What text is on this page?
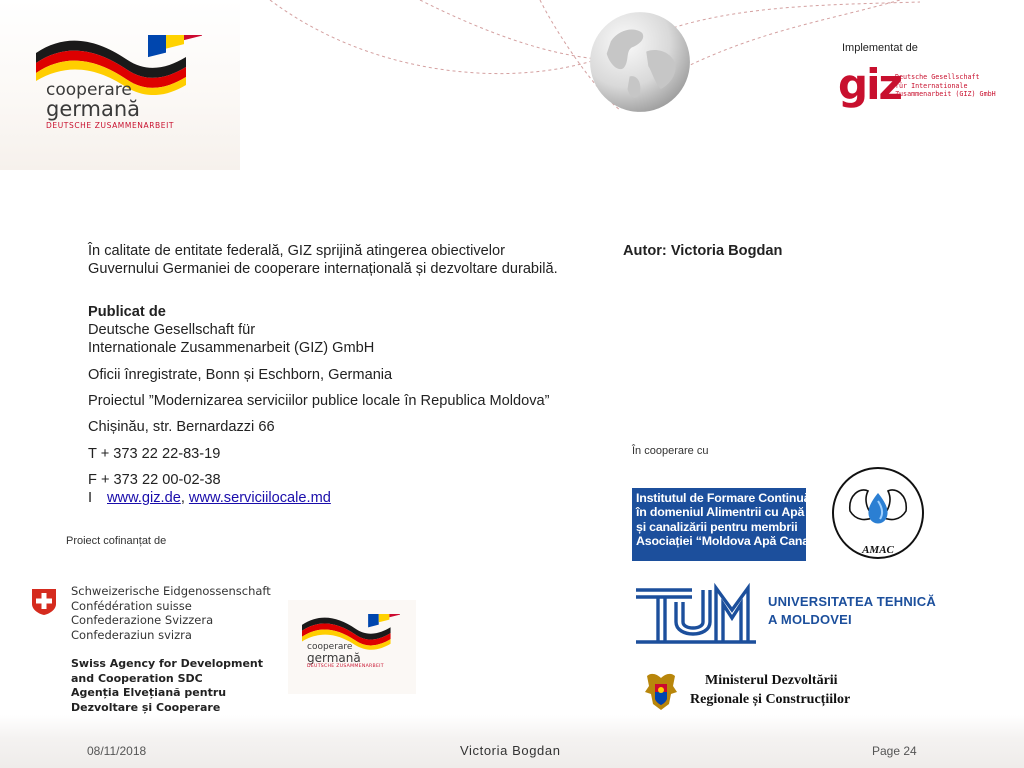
cooperare
germană
DEUTSCHE ZUSAMMENARBEIT
Implementat de
giz
Deutsche Gesellschaft
für Internationale
Zusammenarbeit (GIZ) GmbH
În calitate de entitate federală, GIZ sprijină atingerea obiectivelor Guvernului Germaniei de cooperare internațională și dezvoltare durabilă.
Publicat de
Deutsche Gesellschaft für
Internationale Zusammenarbeit (GIZ) GmbH
Oficii înregistrate, Bonn și Eschborn, Germania
Proiectul ”Modernizarea serviciilor publice locale în Republica Moldova”
Chișinău, str. Bernardazzi 66
T + 373 22 22-83-19
F + 373 22 00-02-38
I www.giz.de, www.serviciilocale.md
Autor: Victoria Bogdan
Proiect cofinanțat de
Schweizerische Eidgenossenschaft
Confédération suisse
Confederazione Svizzera
Confederaziun svizra
Swiss Agency for Development
and Cooperation SDC
Agenția Elvețiană pentru
Dezvoltare și Cooperare
cooperare
germană
DEUTSCHE ZUSAMMENARBEIT
În cooperare cu
Institutul de Formare Continuă
în domeniul Alimentrii cu Apă
și canalizării pentru membrii
Asociației “Moldova Apă Canal”
AMAC
UNIVERSITATEA TEHNICĂ
A MOLDOVEI
Ministerul Dezvoltării
Regionale și Construcțiilor
08/11/2018	Victoria Bogdan	Page 24
